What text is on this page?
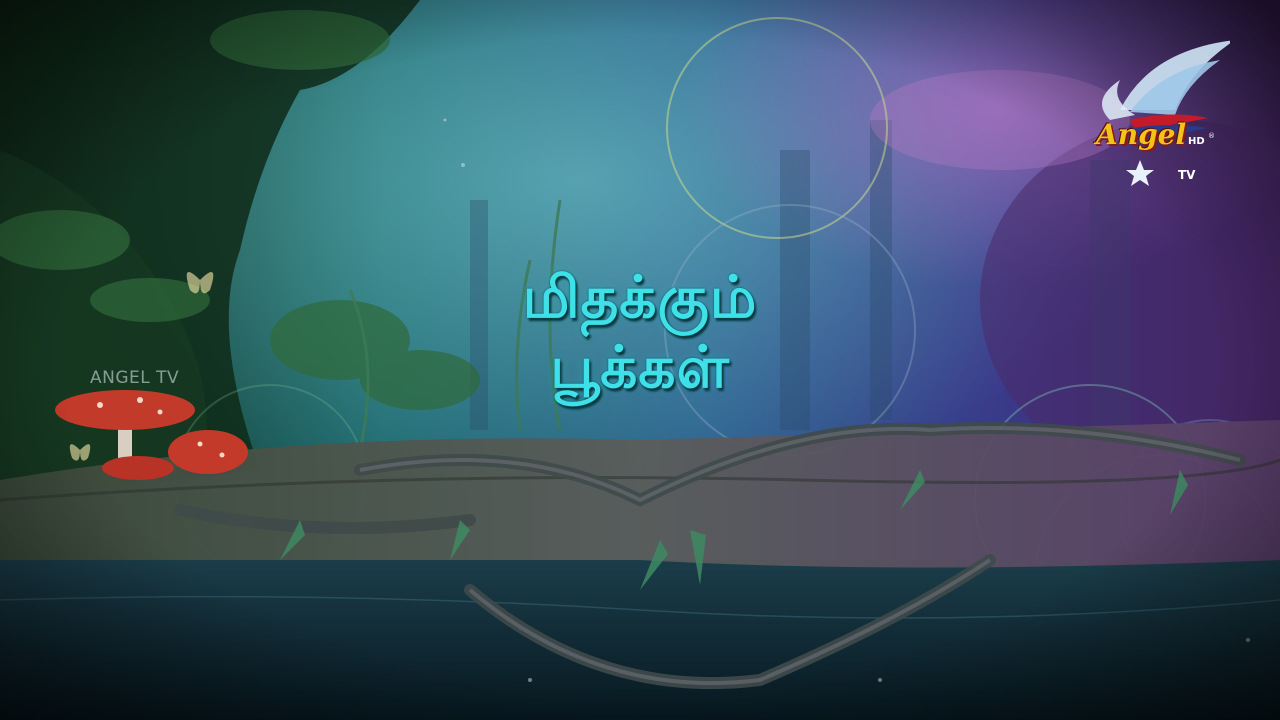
ANGEL TV
மிதக்கும்
பூக்கள்
Angel HD ®
TV
